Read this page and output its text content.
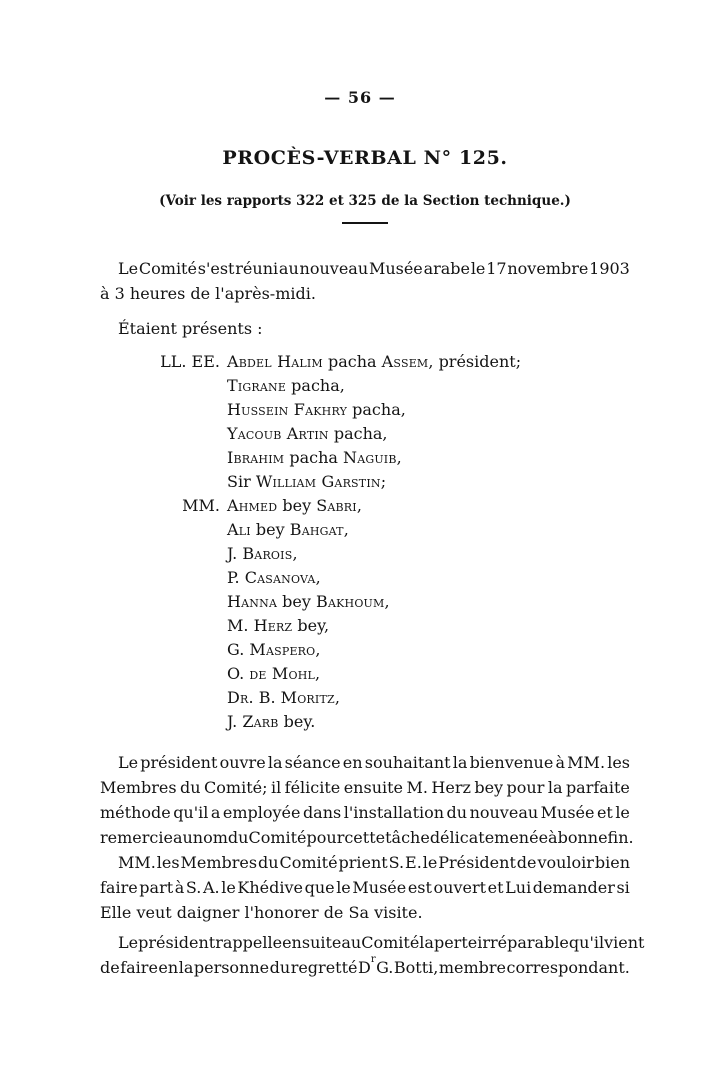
— 56 —
PROCÈS-VERBAL N° 125.
(Voir les rapports 322 et 325 de la Section technique.)
Le Comité s'est réuni au nouveau Musée arabe le 17 novembre 1903
à 3 heures de l'après-midi.
Étaient présents :
LL. EE. Abdel Halim pacha Assem, président;
Tigrane pacha,
Hussein Fakhry pacha,
Yacoub Artin pacha,
Ibrahim pacha Naguib,
Sir William Garstin;
MM. Ahmed bey Sabri,
Ali bey Bahgat,
J. Barois,
P. Casanova,
Hanna bey Bakhoum,
M. Herz bey,
G. Maspero,
O. de Mohl,
Dr. B. Moritz,
J. Zarb bey.
Le président ouvre la séance en souhaitant la bienvenue à MM. les
Membres du Comité; il félicite ensuite M. Herz bey pour la parfaite
méthode qu'il a employée dans l'installation du nouveau Musée et le
remercie au nom du Comité pour cette tâche délicate menée à bonne fin.
MM. les Membres du Comité prient S. E. le Président de vouloir bien
faire part à S. A. le Khédive que le Musée est ouvert et Lui demander si
Elle veut daigner l'honorer de Sa visite.
Le président rappelle ensuite au Comité la perte irréparable qu'il vient
de faire en la personne du regretté $D^r$ G. Botti, membre correspondant.
